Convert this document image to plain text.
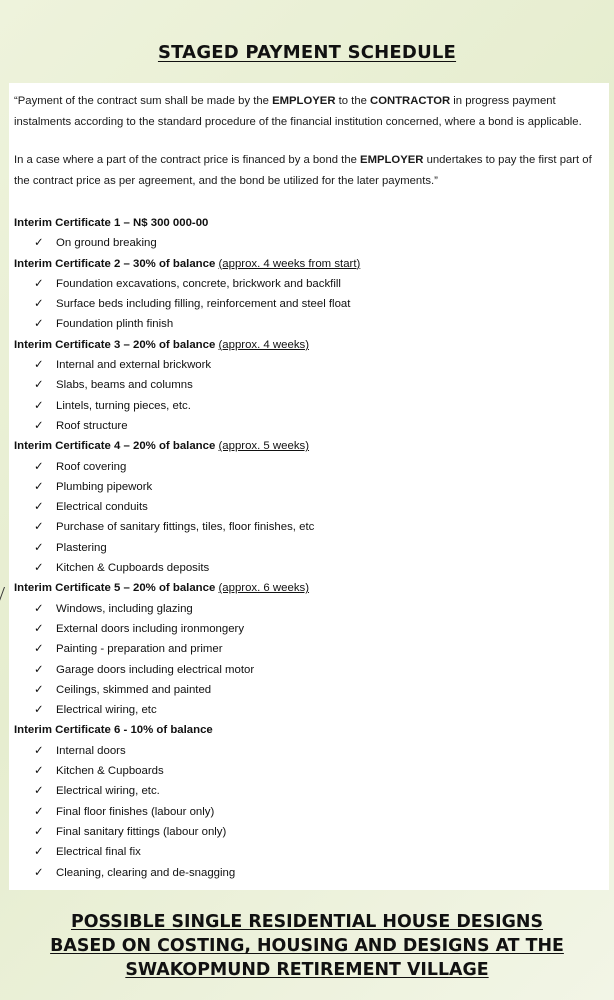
STAGED PAYMENT SCHEDULE

“Payment of the contract sum shall be made by the EMPLOYER to the CONTRACTOR in progress payment instalments according to the standard procedure of the financial institution concerned, where a bond is applicable.

In a case where a part of the contract price is financed by a bond the EMPLOYER undertakes to pay the first part of the contract price as per agreement, and the bond be utilized for the later payments.”

Interim Certificate 1 – N$ 300 000-00
✓ On ground breaking
Interim Certificate 2 – 30% of balance (approx. 4 weeks from start)
✓ Foundation excavations, concrete, brickwork and backfill
✓ Surface beds including filling, reinforcement and steel float
✓ Foundation plinth finish
Interim Certificate 3 – 20% of balance (approx. 4 weeks)
✓ Internal and external brickwork
✓ Slabs, beams and columns
✓ Lintels, turning pieces, etc.
✓ Roof structure
Interim Certificate 4 – 20% of balance (approx. 5 weeks)
✓ Roof covering
✓ Plumbing pipework
✓ Electrical conduits
✓ Purchase of sanitary fittings, tiles, floor finishes, etc
✓ Plastering
✓ Kitchen & Cupboards deposits
Interim Certificate 5 – 20% of balance (approx. 6 weeks)
✓ Windows, including glazing
✓ External doors including ironmongery
✓ Painting - preparation and primer
✓ Garage doors including electrical motor
✓ Ceilings, skimmed and painted
✓ Electrical wiring, etc
Interim Certificate 6 - 10% of balance
✓ Internal doors
✓ Kitchen & Cupboards
✓ Electrical wiring, etc.
✓ Final floor finishes (labour only)
✓ Final sanitary fittings (labour only)
✓ Electrical final fix
✓ Cleaning, clearing and de-snagging
POSSIBLE SINGLE RESIDENTIAL HOUSE DESIGNS
BASED ON COSTING, HOUSING AND DESIGNS AT THE
SWAKOPMUND RETIREMENT VILLAGE
